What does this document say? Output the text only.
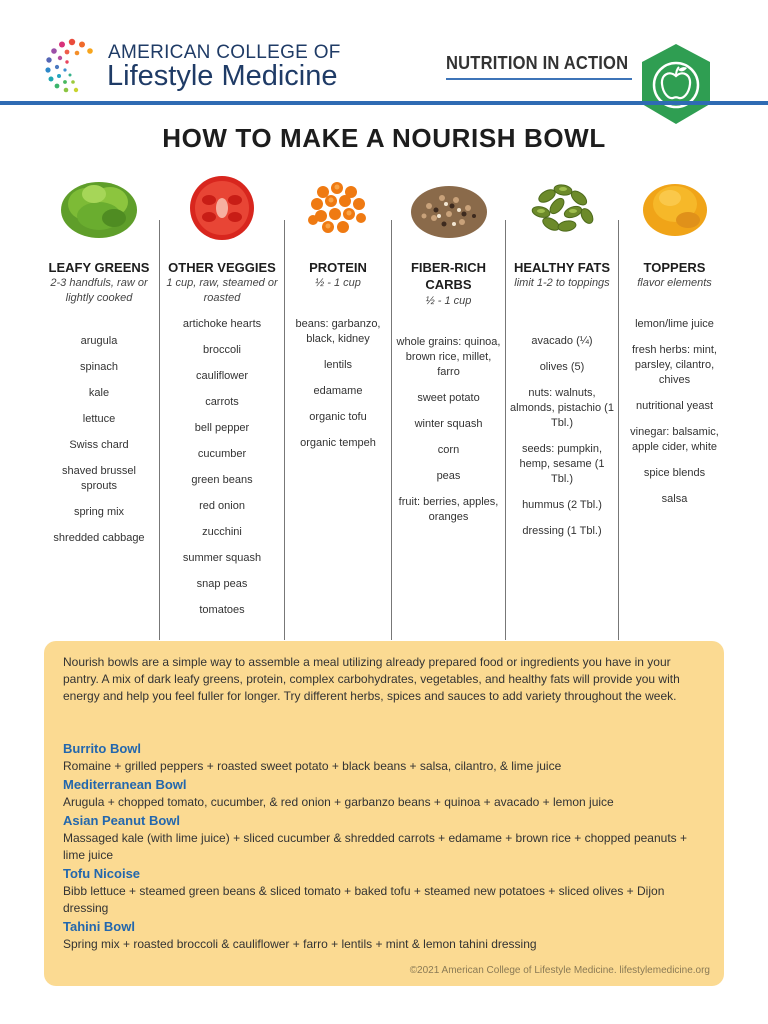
AMERICAN COLLEGE OF
Lifestyle Medicine	NUTRITION IN ACTION
HOW TO MAKE A NOURISH BOWL
LEAFY GREENS
2-3 handfuls, raw or lightly cooked
arugula
spinach
kale
lettuce
Swiss chard
shaved brussel sprouts
spring mix
shredded cabbage
OTHER VEGGIES
1 cup, raw, steamed or roasted
artichoke hearts
broccoli
cauliflower
carrots
bell pepper
cucumber
green beans
red onion
zucchini
summer squash
snap peas
tomatoes
PROTEIN
½ - 1 cup
beans: garbanzo, black, kidney
lentils
edamame
organic tofu
organic tempeh
FIBER-RICH CARBS
½ - 1 cup
whole grains: quinoa, brown rice, millet, farro
sweet potato
winter squash
corn
peas
fruit: berries, apples, oranges
HEALTHY FATS
limit 1-2 to toppings
avacado (¼)
olives (5)
nuts: walnuts, almonds, pistachio (1 Tbl.)
seeds: pumpkin, hemp, sesame (1 Tbl.)
hummus (2 Tbl.)
dressing (1 Tbl.)
TOPPERS
flavor elements
lemon/lime juice
fresh herbs: mint, parsley, cilantro, chives
nutritional yeast
vinegar: balsamic, apple cider, white
spice blends
salsa
Nourish bowls are a simple way to assemble a meal utilizing already prepared food or ingredients you have in your pantry. A mix of dark leafy greens, protein, complex carbohydrates, vegetables, and healthy fats will provide you with energy and help you feel fuller for longer. Try different herbs, spices and sauces to add variety throughout the week.
Burrito Bowl
Romaine + grilled peppers + roasted sweet potato + black beans + salsa, cilantro, & lime juice
Mediterranean Bowl
Arugula + chopped tomato, cucumber, & red onion + garbanzo beans + quinoa + avacado + lemon juice
Asian Peanut Bowl
Massaged kale (with lime juice) + sliced cucumber & shredded carrots + edamame + brown rice + chopped peanuts + lime juice
Tofu Nicoise
Bibb lettuce + steamed green beans & sliced tomato + baked tofu + steamed new potatoes + sliced olives + Dijon dressing
Tahini Bowl
Spring mix + roasted broccoli & cauliflower + farro + lentils + mint & lemon tahini dressing
©2021 American College of Lifestyle Medicine. lifestylemedicine.org
